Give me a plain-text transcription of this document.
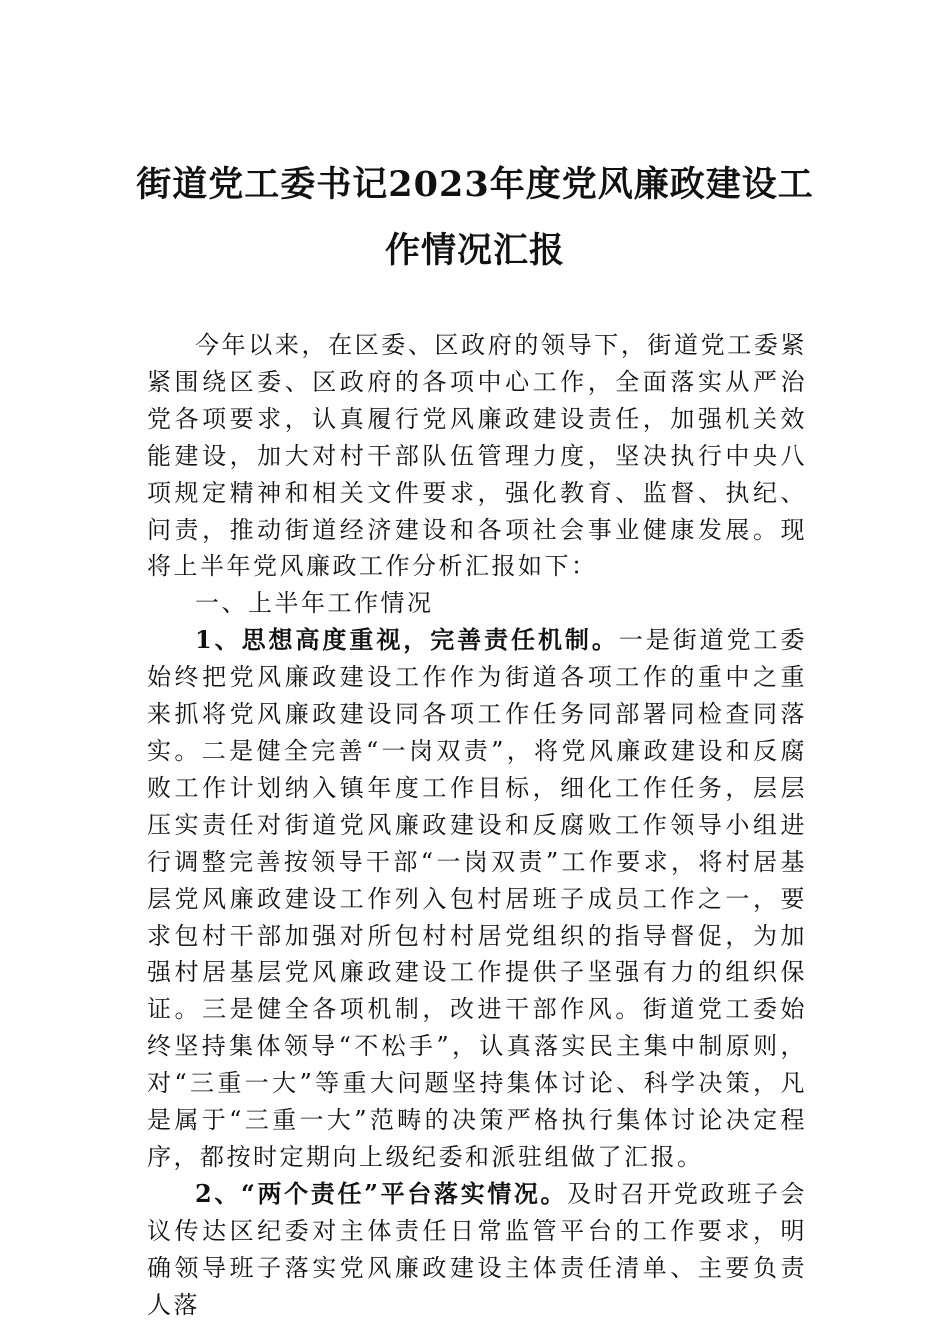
街道党工委书记2023年度党风廉政建设工作情况汇报

今年以来，在区委、区政府的领导下，街道党工委紧紧围绕区委、区政府的各项中心工作，全面落实从严治党各项要求，认真履行党风廉政建设责任，加强机关效能建设，加大对村干部队伍管理力度，坚决执行中央八项规定精神和相关文件要求，强化教育、监督、执纪、问责，推动街道经济建设和各项社会事业健康发展。现将上半年党风廉政工作分析汇报如下：

一、上半年工作情况

1、思想高度重视，完善责任机制。一是街道党工委始终把党风廉政建设工作作为街道各项工作的重中之重来抓将党风廉政建设同各项工作任务同部署同检查同落实。二是健全完善“一岗双责”，将党风廉政建设和反腐败工作计划纳入镇年度工作目标，细化工作任务，层层压实责任对街道党风廉政建设和反腐败工作领导小组进行调整完善按领导干部“一岗双责”工作要求，将村居基层党风廉政建设工作列入包村居班子成员工作之一，要求包村干部加强对所包村村居党组织的指导督促，为加强村居基层党风廉政建设工作提供子坚强有力的组织保证。三是健全各项机制，改进干部作风。街道党工委始终坚持集体领导“不松手”，认真落实民主集中制原则，对“三重一大”等重大问题坚持集体讨论、科学决策，凡是属于“三重一大”范畴的决策严格执行集体讨论决定程序，都按时定期向上级纪委和派驻组做了汇报。

2、“两个责任”平台落实情况。及时召开党政班子会议传达区纪委对主体责任日常监管平台的工作要求，明确领导班子落实党风廉政建设主体责任清单、主要负责人落
